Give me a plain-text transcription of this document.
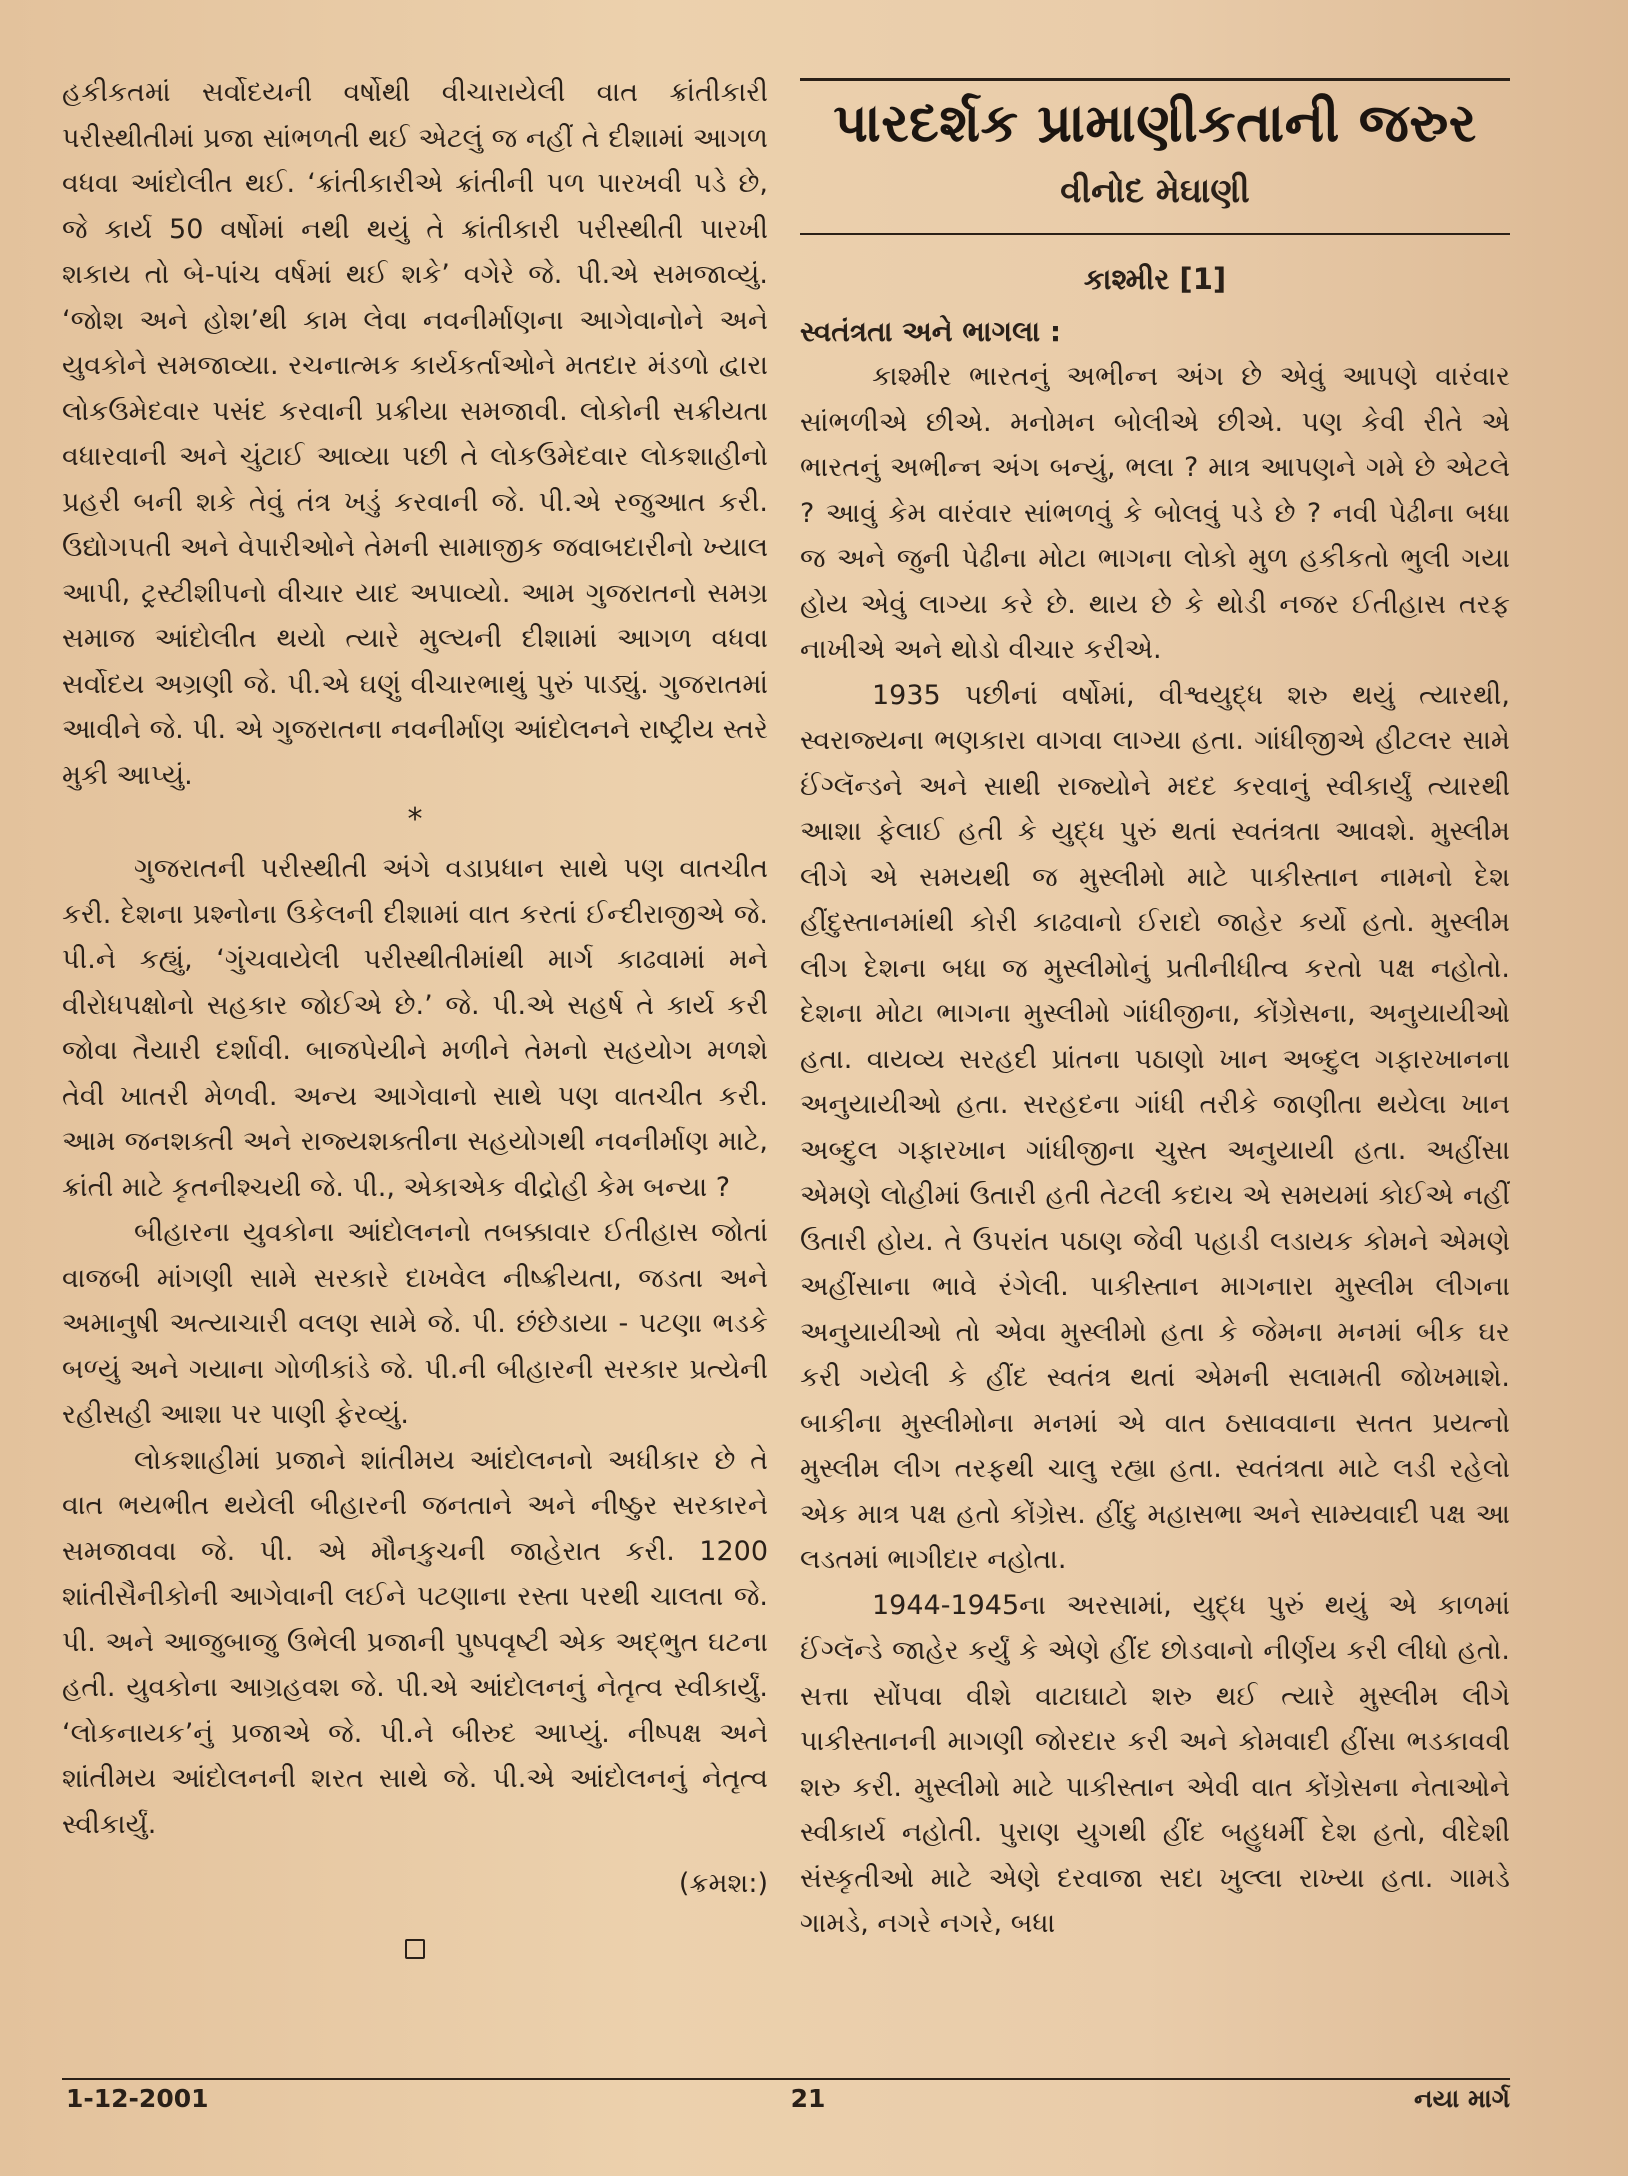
હકીકતમાં સર્વોદયની વર્ષોથી વીચારાયેલી વાત ક્રાંતીકારી પરીસ્થીતીમાં પ્રજા સાંભળતી થઈ એટલું જ નહીં તે દીશામાં આગળ વધવા આંદોલીત થઈ. ‘ક્રાંતીકારીએ ક્રાંતીની પળ પારખવી પડે છે, જે કાર્ય 50 વર્ષોમાં નથી થયું તે ક્રાંતીકારી પરીસ્થીતી પારખી શકાય તો બે-પાંચ વર્ષમાં થઈ શકે’ વગેરે જે. પી.એ સમજાવ્યું. ‘જોશ અને હોશ’થી કામ લેવા નવનીર્માણના આગેવાનોને અને યુવકોને સમજાવ્યા. રચનાત્મક કાર્યકર્તાઓને મતદાર મંડળો દ્વારા લોકઉમેદવાર પસંદ કરવાની પ્રક્રીયા સમજાવી. લોકોની સક્રીયતા વધારવાની અને ચુંટાઈ આવ્યા પછી તે લોકઉમેદવાર લોકશાહીનો પ્રહરી બની શકે તેવું તંત્ર ખડું કરવાની જે. પી.એ રજુઆત કરી. ઉદ્યોગપતી અને વેપારીઓને તેમની સામાજીક જવાબદારીનો ખ્યાલ આપી, ટ્રસ્ટીશીપનો વીચાર યાદ અપાવ્યો. આમ ગુજરાતનો સમગ્ર સમાજ આંદોલીત થયો ત્યારે મુલ્યની દીશામાં આગળ વધવા સર્વોદય અગ્રણી જે. પી.એ ઘણું વીચારભાથું પુરું પાડ્યું. ગુજરાતમાં આવીને જે. પી. એ ગુજરાતના નવનીર્માણ આંદોલનને રાષ્ટ્રીય સ્તરે મુકી આપ્યું.

*

ગુજરાતની પરીસ્થીતી અંગે વડાપ્રધાન સાથે પણ વાતચીત કરી. દેશના પ્રશ્નોના ઉકેલની દીશામાં વાત કરતાં ઈન્દીરાજીએ જે. પી.ને કહ્યું, ‘ગુંચવાયેલી પરીસ્થીતીમાંથી માર્ગ કાઢવામાં મને વીરોધપક્ષોનો સહકાર જોઈએ છે.’ જે. પી.એ સહર્ષ તે કાર્ય કરી જોવા તૈયારી દર્શાવી. બાજપેયીને મળીને તેમનો સહયોગ મળશે તેવી ખાતરી મેળવી. અન્ય આગેવાનો સાથે પણ વાતચીત કરી. આમ જનશક્તી અને રાજ્યશક્તીના સહયોગથી નવનીર્માણ માટે, ક્રાંતી માટે કૃતનીશ્ચયી જે. પી., એકાએક વીદ્રોહી કેમ બન્યા ?

બીહારના યુવકોના આંદોલનનો તબક્કાવાર ઈતીહાસ જોતાં વાજબી માંગણી સામે સરકારે દાખવેલ નીષ્ક્રીયતા, જડતા અને અમાનુષી અત્યાચારી વલણ સામે જે. પી. છંછેડાયા - પટણા ભડકે બળ્યું અને ગયાના ગોળીકાંડે જે. પી.ની બીહારની સરકાર પ્રત્યેની રહીસહી આશા પર પાણી ફેરવ્યું.

લોકશાહીમાં પ્રજાને શાંતીમય આંદોલનનો અધીકાર છે તે વાત ભયભીત થયેલી બીહારની જનતાને અને નીષ્ઠુર સરકારને સમજાવવા જે. પી. એ મૌનકુચની જાહેરાત કરી. 1200 શાંતીસૈનીકોની આગેવાની લઈને પટણાના રસ્તા પરથી ચાલતા જે. પી. અને આજુબાજુ ઉભેલી પ્રજાની પુષ્પવૃષ્ટી એક અદ્ભુત ઘટના હતી. યુવકોના આગ્રહવશ જે. પી.એ આંદોલનનું નેતૃત્વ સ્વીકાર્યું. ‘લોકનાયક’નું પ્રજાએ જે. પી.ને બીરુદ આપ્યું. નીષ્પક્ષ અને શાંતીમય આંદોલનની શરત સાથે જે. પી.એ આંદોલનનું નેતૃત્વ સ્વીકાર્યું.

(ક્રમશ:)
પારદર્શક પ્રામાણીકતાની જરુર
વીનોદ મેઘાણી
કાશ્મીર [1]

સ્વતંત્રતા અને ભાગલા :

કાશ્મીર ભારતનું અભીન્ન અંગ છે એવું આપણે વારંવાર સાંભળીએ છીએ. મનોમન બોલીએ છીએ. પણ કેવી રીતે એ ભારતનું અભીન્ન અંગ બન્યું, ભલા ? માત્ર આપણને ગમે છે એટલે ? આવું કેમ વારંવાર સાંભળવું કે બોલવું પડે છે ? નવી પેઢીના બધા જ અને જુની પેઢીના મોટા ભાગના લોકો મુળ હકીકતો ભુલી ગયા હોય એવું લાગ્યા કરે છે. થાય છે કે થોડી નજર ઈતીહાસ તરફ નાખીએ અને થોડો વીચાર કરીએ.

1935 પછીનાં વર્ષોમાં, વીશ્વયુદ્ધ શરુ થયું ત્યારથી, સ્વરાજ્યના ભણકારા વાગવા લાગ્યા હતા. ગાંધીજીએ હીટલર સામે ઈંગ્લૅન્ડને અને સાથી રાજ્યોને મદદ કરવાનું સ્વીકાર્યું ત્યારથી આશા ફેલાઈ હતી કે યુદ્ધ પુરું થતાં સ્વતંત્રતા આવશે. મુસ્લીમ લીગે એ સમયથી જ મુસ્લીમો માટે પાકીસ્તાન નામનો દેશ હીંદુસ્તાનમાંથી કોરી કાઢવાનો ઈરાદો જાહેર કર્યો હતો. મુસ્લીમ લીગ દેશના બધા જ મુસ્લીમોનું પ્રતીનીધીત્વ કરતો પક્ષ નહોતો. દેશના મોટા ભાગના મુસ્લીમો ગાંધીજીના, કોંગ્રેસના, અનુયાયીઓ હતા. વાયવ્ય સરહદી પ્રાંતના પઠાણો ખાન અબ્દુલ ગફારખાનના અનુયાયીઓ હતા. સરહદના ગાંધી તરીકે જાણીતા થયેલા ખાન અબ્દુલ ગફારખાન ગાંધીજીના ચુસ્ત અનુયાયી હતા. અહીંસા એમણે લોહીમાં ઉતારી હતી તેટલી કદાચ એ સમયમાં કોઈએ નહીં ઉતારી હોય. તે ઉપરાંત પઠાણ જેવી પહાડી લડાયક કોમને એમણે અહીંસાના ભાવે રંગેલી. પાકીસ્તાન માગનારા મુસ્લીમ લીગના અનુયાયીઓ તો એવા મુસ્લીમો હતા કે જેમના મનમાં બીક ઘર કરી ગયેલી કે હીંદ સ્વતંત્ર થતાં એમની સલામતી જોખમાશે. બાકીના મુસ્લીમોના મનમાં એ વાત ઠસાવવાના સતત પ્રયત્નો મુસ્લીમ લીગ તરફથી ચાલુ રહ્યા હતા. સ્વતંત્રતા માટે લડી રહેલો એક માત્ર પક્ષ હતો કોંગ્રેસ. હીંદુ મહાસભા અને સામ્યવાદી પક્ષ આ લડતમાં ભાગીદાર નહોતા.

1944-1945ના અરસામાં, યુદ્ધ પુરું થયું એ કાળમાં ઈંગ્લૅન્ડે જાહેર કર્યું કે એણે હીંદ છોડવાનો નીર્ણય કરી લીધો હતો. સત્તા સોંપવા વીશે વાટાઘાટો શરુ થઈ ત્યારે મુસ્લીમ લીગે પાકીસ્તાનની માગણી જોરદાર કરી અને કોમવાદી હીંસા ભડકાવવી શરુ કરી. મુસ્લીમો માટે પાકીસ્તાન એવી વાત કોંગ્રેસના નેતાઓને સ્વીકાર્ય નહોતી. પુરાણ યુગથી હીંદ બહુધર્મી દેશ હતો, વીદેશી સંસ્કૃતીઓ માટે એણે દરવાજા સદા ખુલ્લા રાખ્યા હતા. ગામડે ગામડે, નગરે નગરે, બધા

1-12-2001	21	નયા માર્ગ
